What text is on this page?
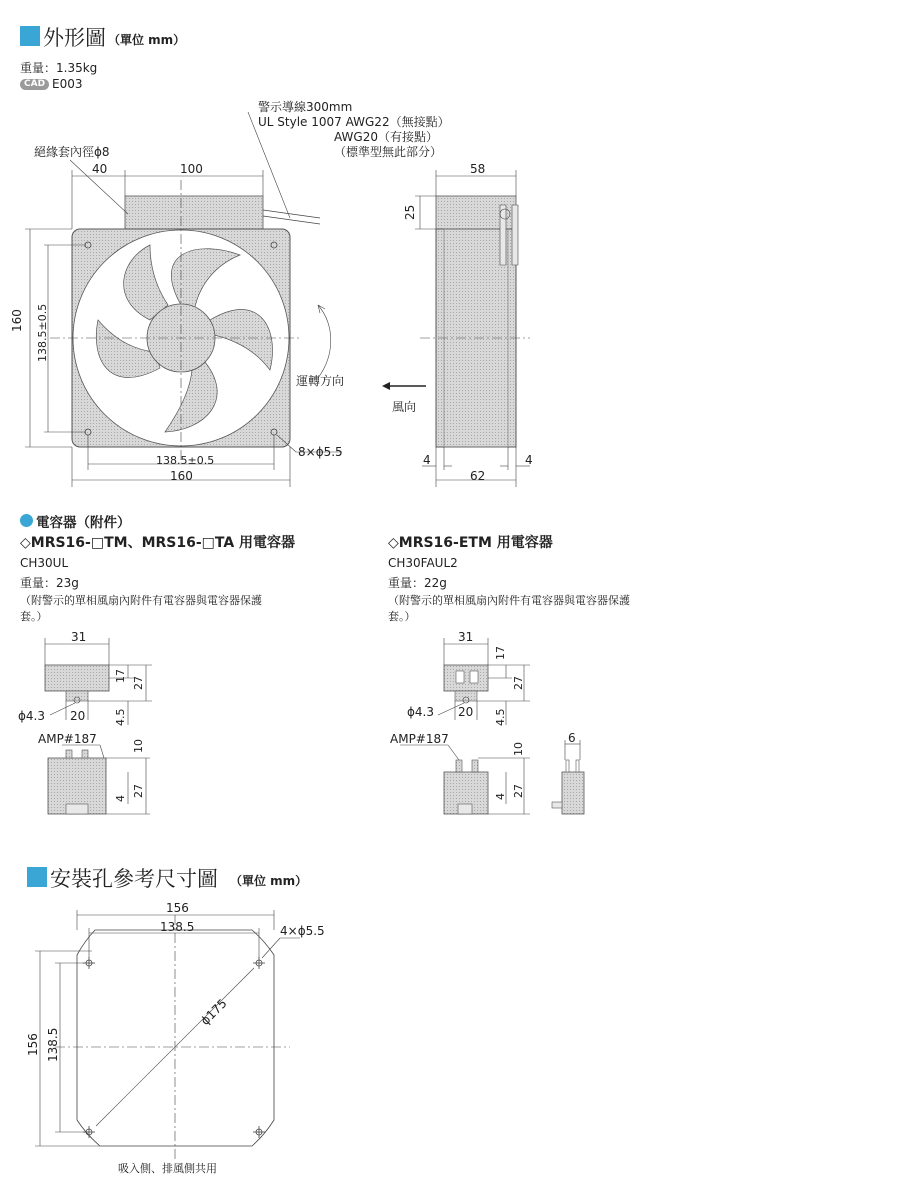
外形圖 （單位 mm）
重量：1.35kg
CAD E003
警示導線300mm
UL Style 1007 AWG22（無接點）
AWG20（有接點）
（標準型無此部分）
絕緣套內徑ϕ8
40	100
160 138.5±0.5
138.5±0.5
160
8×ϕ5.5
運轉方向
58
25
風向
4	4
62
電容器（附件）
◇MRS16-□TM、MRS16-□TA 用電容器
CH30UL
重量：23g
（附警示的單相風扇內附件有電容器與電容器保護
套。）
31
17 27
ϕ4.3 20	4.5
AMP#187	10
4
27
◇MRS16-ETM 用電容器
CH30FAUL2
重量：22g
（附警示的單相風扇內附件有電容器與電容器保護
套。）
31
17
27
ϕ4.3 20 4.5
AMP#187
10
4 27
6
安裝孔參考尺寸圖 （單位 mm）
156
138.5	4×ϕ5.5
156 138.5
ϕ175
吸入側、排風側共用
